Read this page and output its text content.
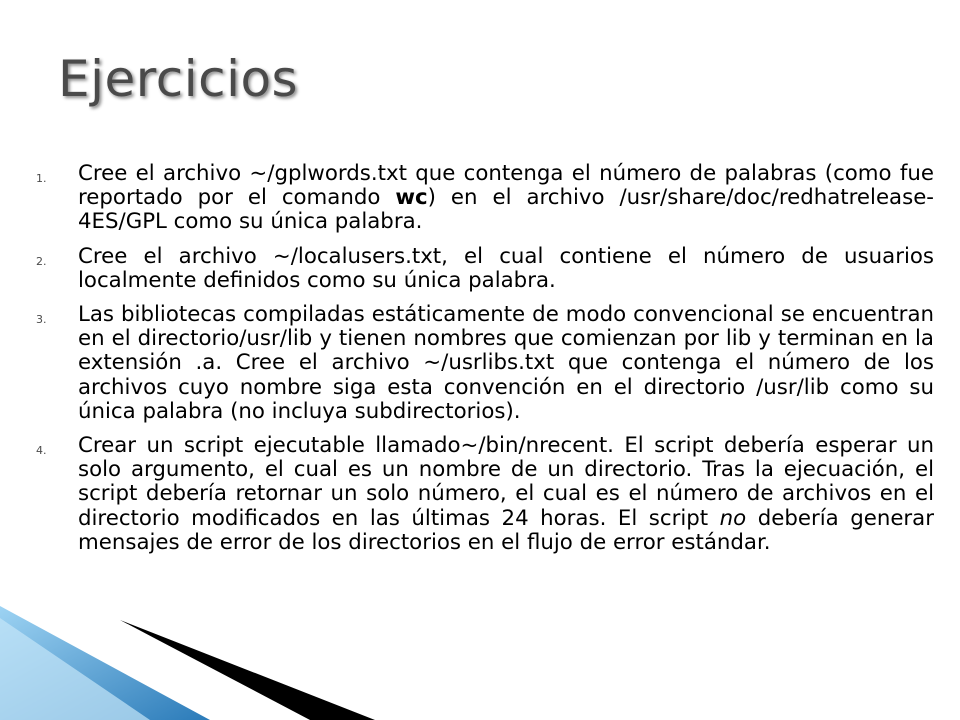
Ejercicios
1.	Cree el archivo ~/gplwords.txt que contenga el número de palabras (como fue reportado por el comando wc) en el archivo /usr/share/doc/redhatrelease- 4ES/GPL como su única palabra.
2.	Cree el archivo ~/localusers.txt, el cual contiene el número de usuarios localmente definidos como su única palabra.
3.	Las bibliotecas compiladas estáticamente de modo convencional se encuentran en el directorio/usr/lib y tienen nombres que comienzan por lib y terminan en la extensión .a. Cree el archivo ~/usrlibs.txt que contenga el número de los archivos cuyo nombre siga esta convención en el directorio /usr/lib como su única palabra (no incluya subdirectorios).
4.	Crear un script ejecutable llamado~/bin/nrecent. El script debería esperar un solo argumento, el cual es un nombre de un directorio. Tras la ejecuación, el script debería retornar un solo número, el cual es el número de archivos en el directorio modificados en las últimas 24 horas. El script no debería generar mensajes de error de los directorios en el flujo de error estándar.
